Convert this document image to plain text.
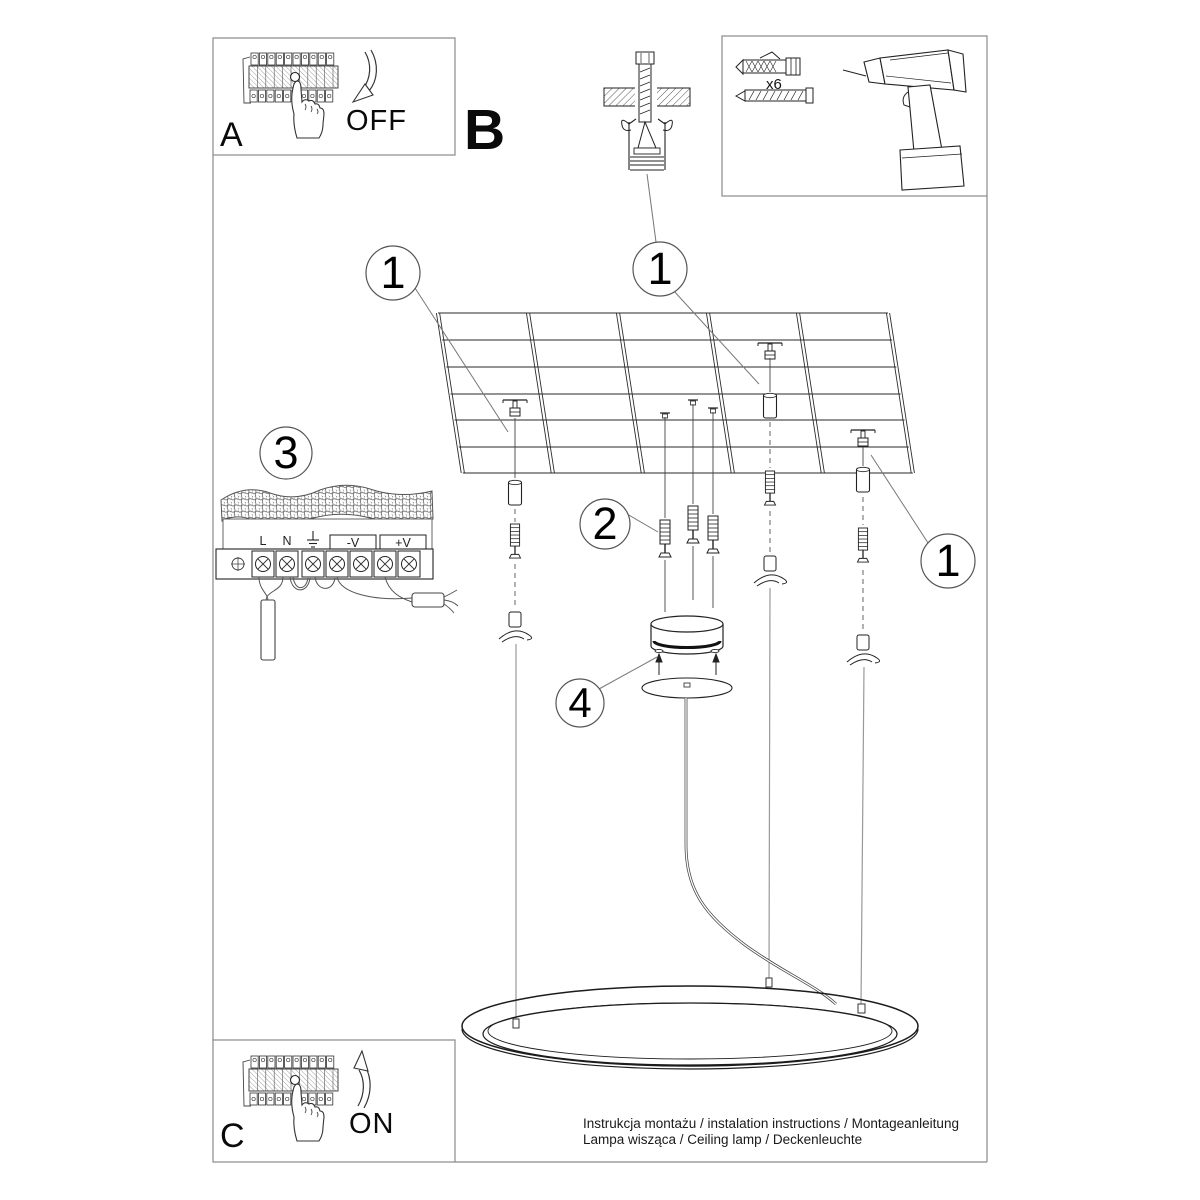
A	OFF B
C	ON
x6
1	1
1
2
3
4
L	N	-V	+V
Instrukcja montażu / instalation instructions / Montageanleitung
Lampa wisząca / Ceiling lamp / Deckenleuchte
